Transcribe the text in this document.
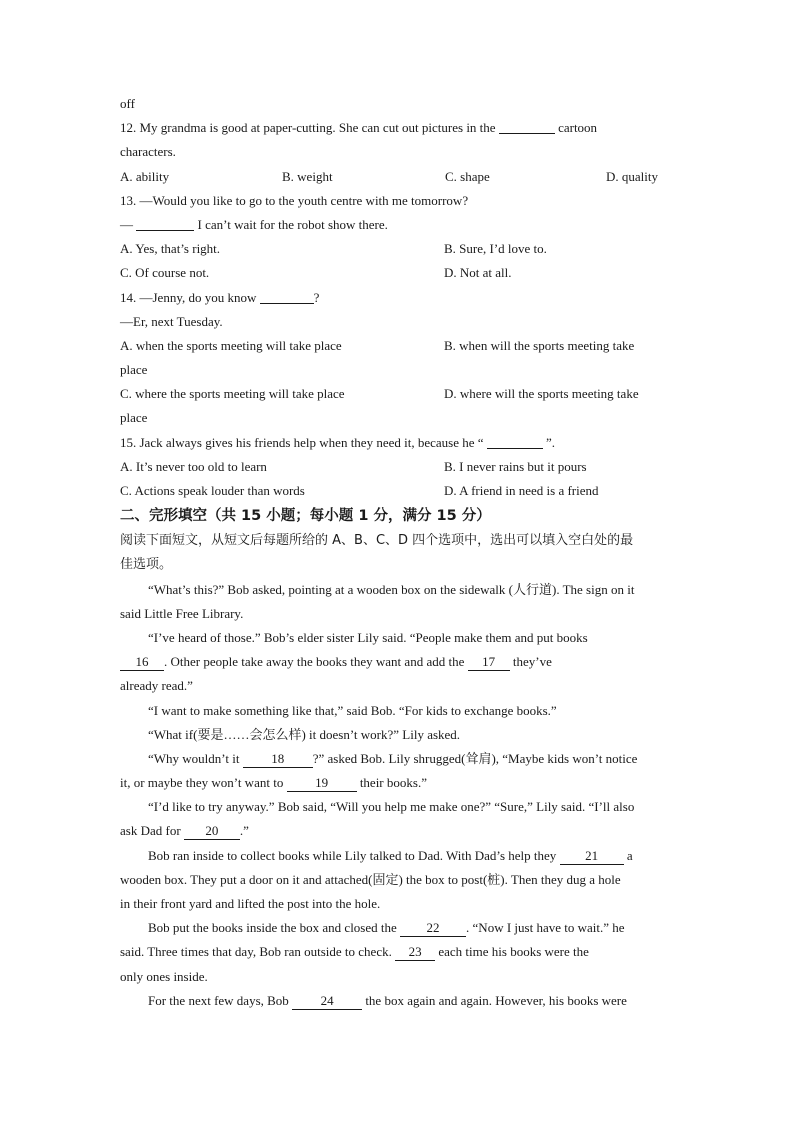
off
12. My grandma is good at paper-cutting. She can cut out pictures in the	cartoon
characters.
A. ability	B. weight	C. shape	D. quality
13. —Would you like to go to the youth centre with me tomorrow?
—	I can’t wait for the robot show there.
A. Yes, that’s right.	B. Sure, I’d love to.
C. Of course not.	D. Not at all.
14. —Jenny, do you know	?
—Er, next Tuesday.
A. when the sports meeting will take place	B. when will the sports meeting take
place
C. where the sports meeting will take place	D. where will the sports meeting take
place
15. Jack always gives his friends help when they need it, because he “	”.
A. It’s never too old to learn	B. I never rains but it pours
C. Actions speak louder than words	D. A friend in need is a friend
二、完形填空（共 15 小题；每小题 1 分，满分 15 分）
阅读下面短文，从短文后每题所给的 A、B、C、D 四个选项中，选出可以填入空白处的最
佳选项。
“What’s this?” Bob asked, pointing at a wooden box on the sidewalk (人行道). The sign on it
said Little Free Library.
“I’ve heard of those.” Bob’s elder sister Lily said. “People make them and put books
16 . Other people take away the books they want and add the 17 they’ve
already read.”
“I want to make something like that,” said Bob. “For kids to exchange books.”
“What if(要是……会怎么样) it doesn’t work?” Lily asked.
“Why wouldn’t it 18 ?” asked Bob. Lily shrugged(耸肩), “Maybe kids won’t notice
it, or maybe they won’t want to 19 their books.”
“I’d like to try anyway.” Bob said, “Will you help me make one?” “Sure,” Lily said. “I’ll also
ask Dad for 20 .”
Bob ran inside to collect books while Lily talked to Dad. With Dad’s help they 21 a
wooden box. They put a door on it and attached(固定) the box to post(桩). Then they dug a hole
in their front yard and lifted the post into the hole.
Bob put the books inside the box and closed the 22 . “Now I just have to wait.” he
said. Three times that day, Bob ran outside to check. 23 each time his books were the
only ones inside.
For the next few days, Bob 24 the box again and again. However, his books were
